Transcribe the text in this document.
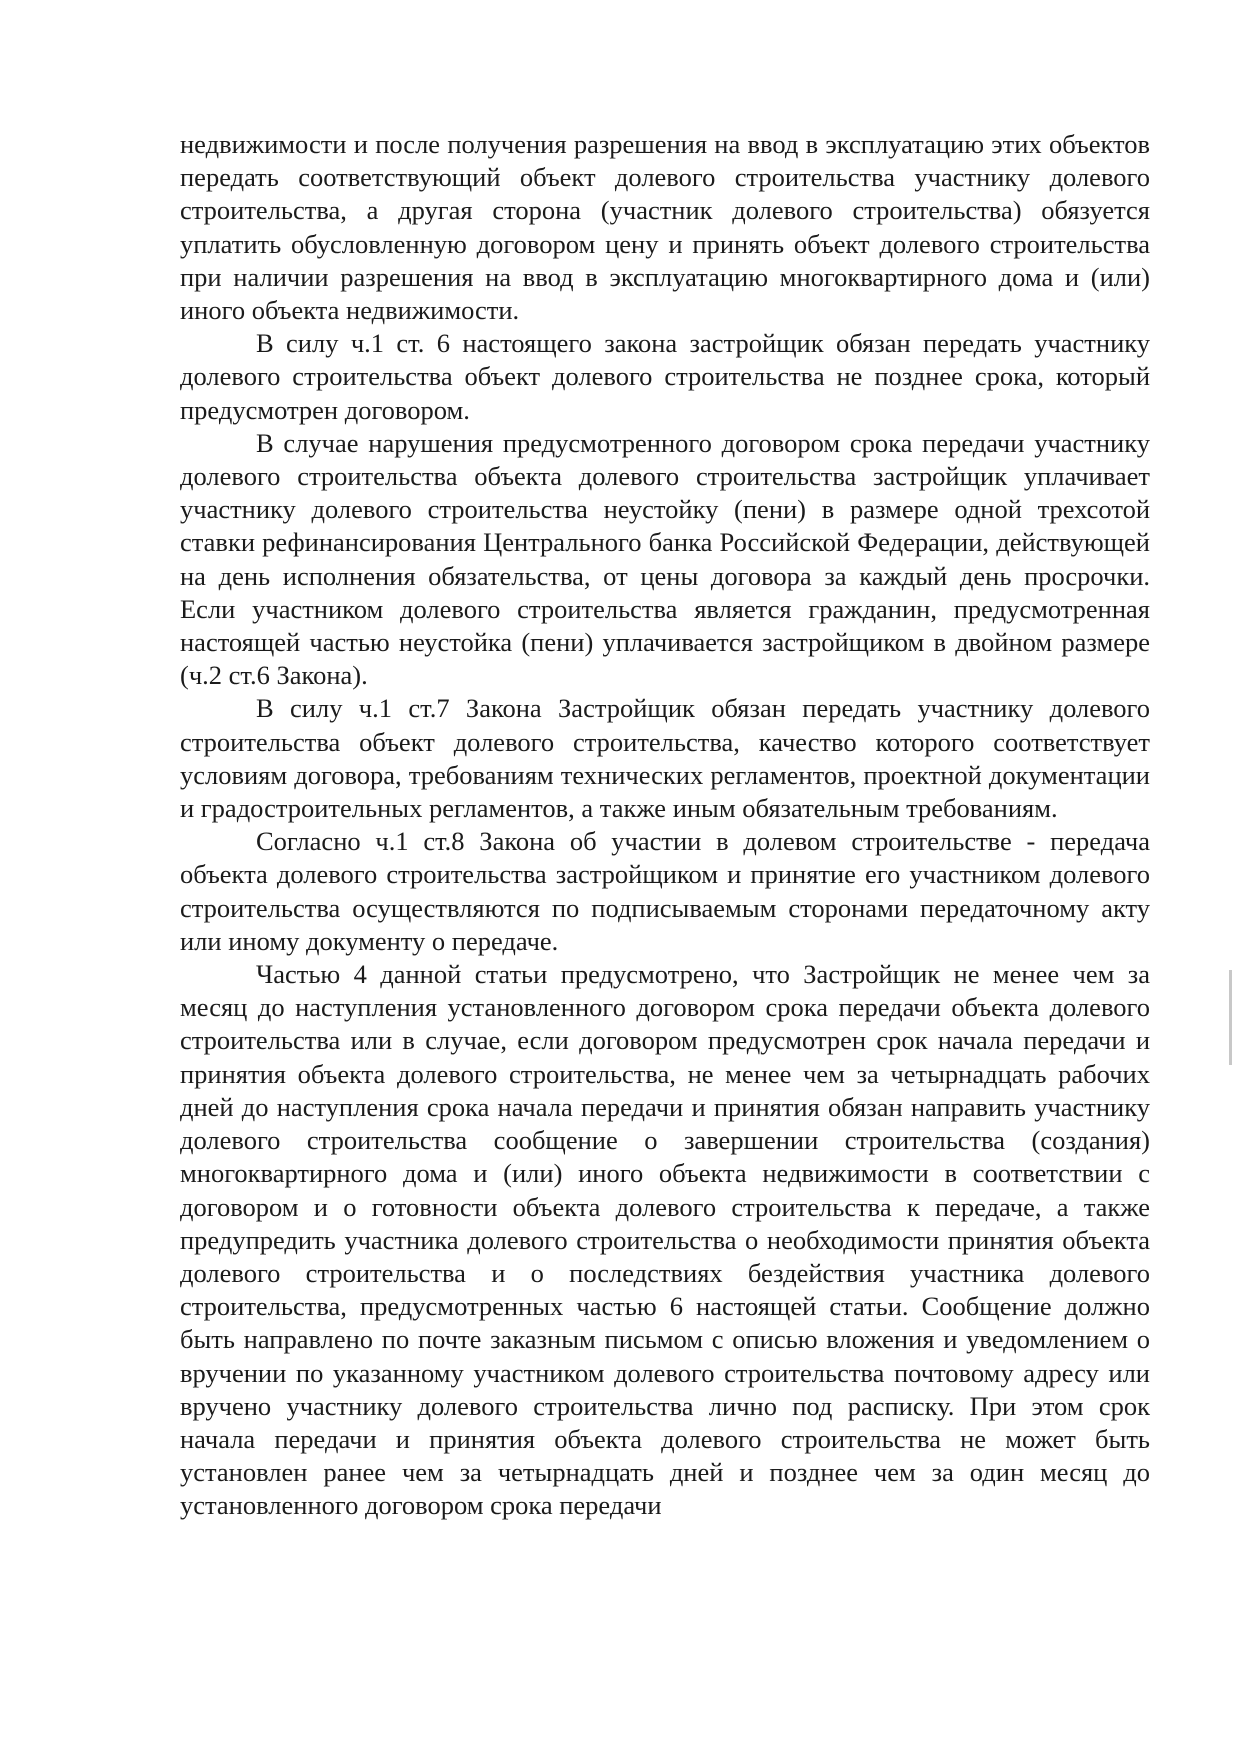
недвижимости и после получения разрешения на ввод в эксплуатацию этих объектов передать соответствующий объект долевого строительства участнику долевого строительства, а другая сторона (участник долевого строительства) обязуется уплатить обусловленную договором цену и принять объект долевого строительства при наличии разрешения на ввод в эксплуатацию многоквартирного дома и (или) иного объекта недвижимости.

В силу ч.1 ст. 6 настоящего закона застройщик обязан передать участнику долевого строительства объект долевого строительства не позднее срока, который предусмотрен договором.

В случае нарушения предусмотренного договором срока передачи участнику долевого строительства объекта долевого строительства застройщик уплачивает участнику долевого строительства неустойку (пени) в размере одной трехсотой ставки рефинансирования Центрального банка Российской Федерации, действующей на день исполнения обязательства, от цены договора за каждый день просрочки. Если участником долевого строительства является гражданин, предусмотренная настоящей частью неустойка (пени) уплачивается застройщиком в двойном размере (ч.2 ст.6 Закона).

В силу ч.1 ст.7 Закона Застройщик обязан передать участнику долевого строительства объект долевого строительства, качество которого соответствует условиям договора, требованиям технических регламентов, проектной документации и градостроительных регламентов, а также иным обязательным требованиям.

Согласно ч.1 ст.8 Закона об участии в долевом строительстве - передача объекта долевого строительства застройщиком и принятие его участником долевого строительства осуществляются по подписываемым сторонами передаточному акту или иному документу о передаче.

Частью 4 данной статьи предусмотрено, что Застройщик не менее чем за месяц до наступления установленного договором срока передачи объекта долевого строительства или в случае, если договором предусмотрен срок начала передачи и принятия объекта долевого строительства, не менее чем за четырнадцать рабочих дней до наступления срока начала передачи и принятия обязан направить участнику долевого строительства сообщение о завершении строительства (создания) многоквартирного дома и (или) иного объекта недвижимости в соответствии с договором и о готовности объекта долевого строительства к передаче, а также предупредить участника долевого строительства о необходимости принятия объекта долевого строительства и о последствиях бездействия участника долевого строительства, предусмотренных частью 6 настоящей статьи. Сообщение должно быть направлено по почте заказным письмом с описью вложения и уведомлением о вручении по указанному участником долевого строительства почтовому адресу или вручено участнику долевого строительства лично под расписку. При этом срок начала передачи и принятия объекта долевого строительства не может быть установлен ранее чем за четырнадцать дней и позднее чем за один месяц до установленного договором срока передачи
